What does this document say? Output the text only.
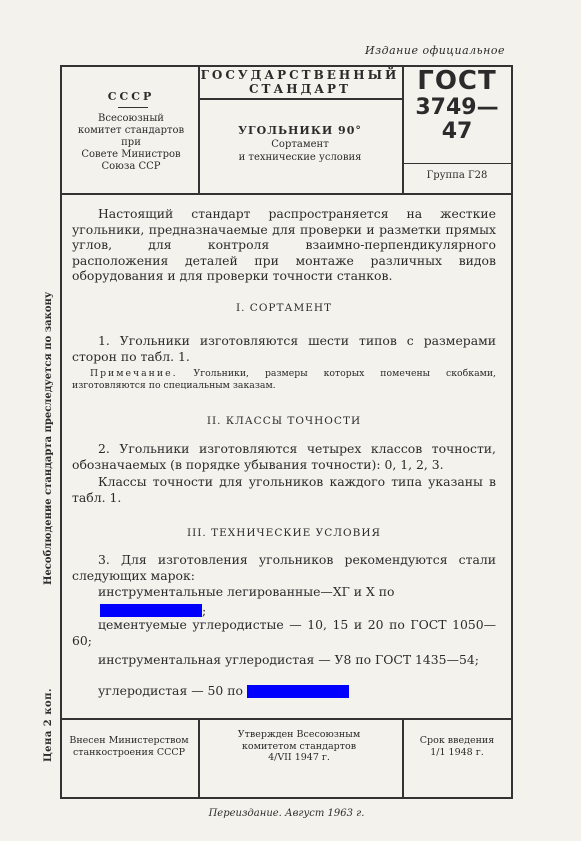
Издание официальное
СССР
Всесоюзный
комитет стандартов
при
Совете Министров
Союза ССР
ГОСУДАРСТВЕННЫЙ
СТАНДАРТ
УГОЛЬНИКИ 90°
Сортамент
и технические условия
ГОСТ
3749—47
Группа Г28
Настоящий стандарт распространяется на жесткие угольники, предназначаемые для проверки и разметки прямых углов, для контроля взаимно-перпендикулярного расположения деталей при монтаже различных видов оборудования и для проверки точности станков.
I. СОРТАМЕНТ
1. Угольники изготовляются шести типов с размерами сторон по табл. 1.
Примечание. Угольники, размеры которых помечены скобками, изготовляются по специальным заказам.
II. КЛАССЫ ТОЧНОСТИ
2. Угольники изготовляются четырех классов точности, обозначаемых (в порядке убывания точности): 0, 1, 2, 3.
Классы точности для угольников каждого типа указаны в табл. 1.
III. ТЕХНИЧЕСКИЕ УСЛОВИЯ
3. Для изготовления угольников рекомендуются стали следующих марок:
инструментальные легированные—ХГ и Х по
;
цементуемые углеродистые — 10, 15 и 20 по ГОСТ 1050—60;
инструментальная углеродистая — У8 по ГОСТ 1435—54;
углеродистая — 50 по
Внесен Министерством
станкостроения СССР
Утвержден Всесоюзным
комитетом стандартов
4/VII 1947 г.
Срок введения
1/1 1948 г.
Переиздание. Август 1963 г.
Цена 2 коп.
Несоблюдение стандарта преследуется по закону
